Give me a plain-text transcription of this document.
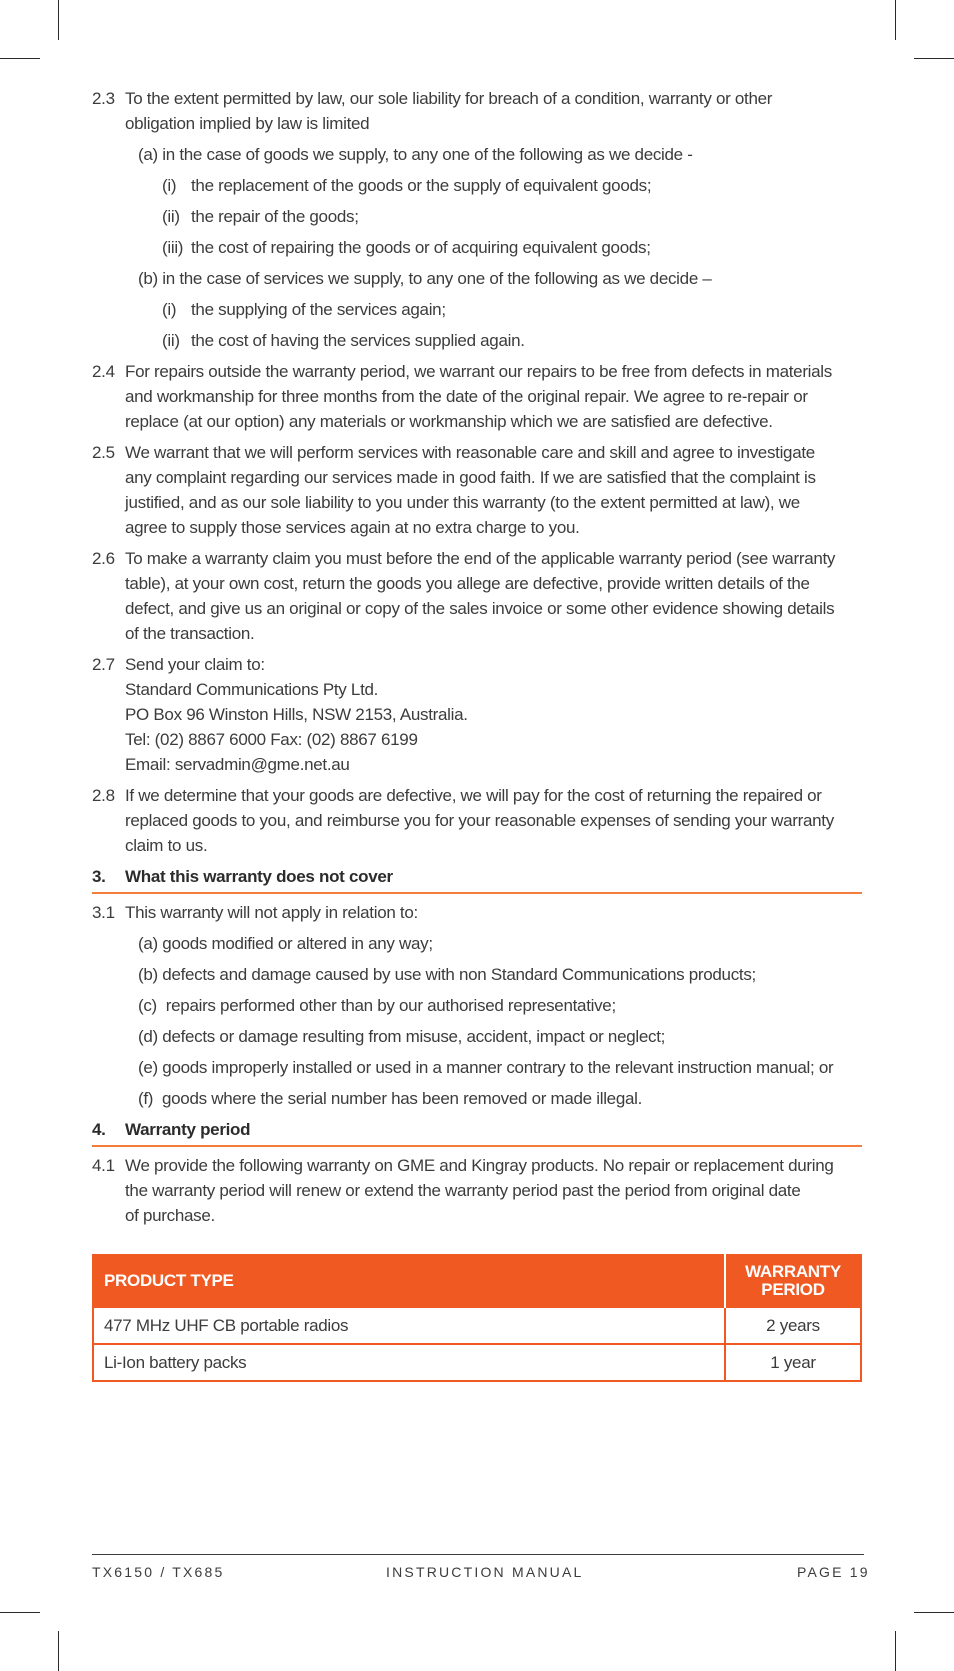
2.3 To the extent permitted by law, our sole liability for breach of a condition, warranty or other
obligation implied by law is limited
(a) in the case of goods we supply, to any one of the following as we decide -
(i) the replacement of the goods or the supply of equivalent goods;
(ii) the repair of the goods;
(iii) the cost of repairing the goods or of acquiring equivalent goods;
(b) in the case of services we supply, to any one of the following as we decide –
(i) the supplying of the services again;
(ii) the cost of having the services supplied again.
2.4 For repairs outside the warranty period, we warrant our repairs to be free from defects in materials
and workmanship for three months from the date of the original repair. We agree to re-repair or
replace (at our option) any materials or workmanship which we are satisfied are defective.
2.5 We warrant that we will perform services with reasonable care and skill and agree to investigate
any complaint regarding our services made in good faith. If we are satisfied that the complaint is
justified, and as our sole liability to you under this warranty (to the extent permitted at law), we
agree to supply those services again at no extra charge to you.
2.6 To make a warranty claim you must before the end of the applicable warranty period (see warranty
table), at your own cost, return the goods you allege are defective, provide written details of the
defect, and give us an original or copy of the sales invoice or some other evidence showing details
of the transaction.
2.7 Send your claim to:
Standard Communications Pty Ltd.
PO Box 96 Winston Hills, NSW 2153, Australia.
Tel: (02) 8867 6000 Fax: (02) 8867 6199
Email: servadmin@gme.net.au
2.8 If we determine that your goods are defective, we will pay for the cost of returning the repaired or
replaced goods to you, and reimburse you for your reasonable expenses of sending your warranty
claim to us.
3. What this warranty does not cover
3.1 This warranty will not apply in relation to:
(a) goods modified or altered in any way;
(b) defects and damage caused by use with non Standard Communications products;
(c)  repairs performed other than by our authorised representative;
(d) defects or damage resulting from misuse, accident, impact or neglect;
(e) goods improperly installed or used in a manner contrary to the relevant instruction manual; or
(f)  goods where the serial number has been removed or made illegal.
4. Warranty period
4.1 We provide the following warranty on GME and Kingray products. No repair or replacement during
the warranty period will renew or extend the warranty period past the period from original date
of purchase.
PRODUCT TYPE	WARRANTY
PERIOD

477 MHz UHF CB portable radios	2 years
Li-Ion battery packs	1 year
TX6150 / TX685	INSTRUCTION MANUAL	PAGE 19
